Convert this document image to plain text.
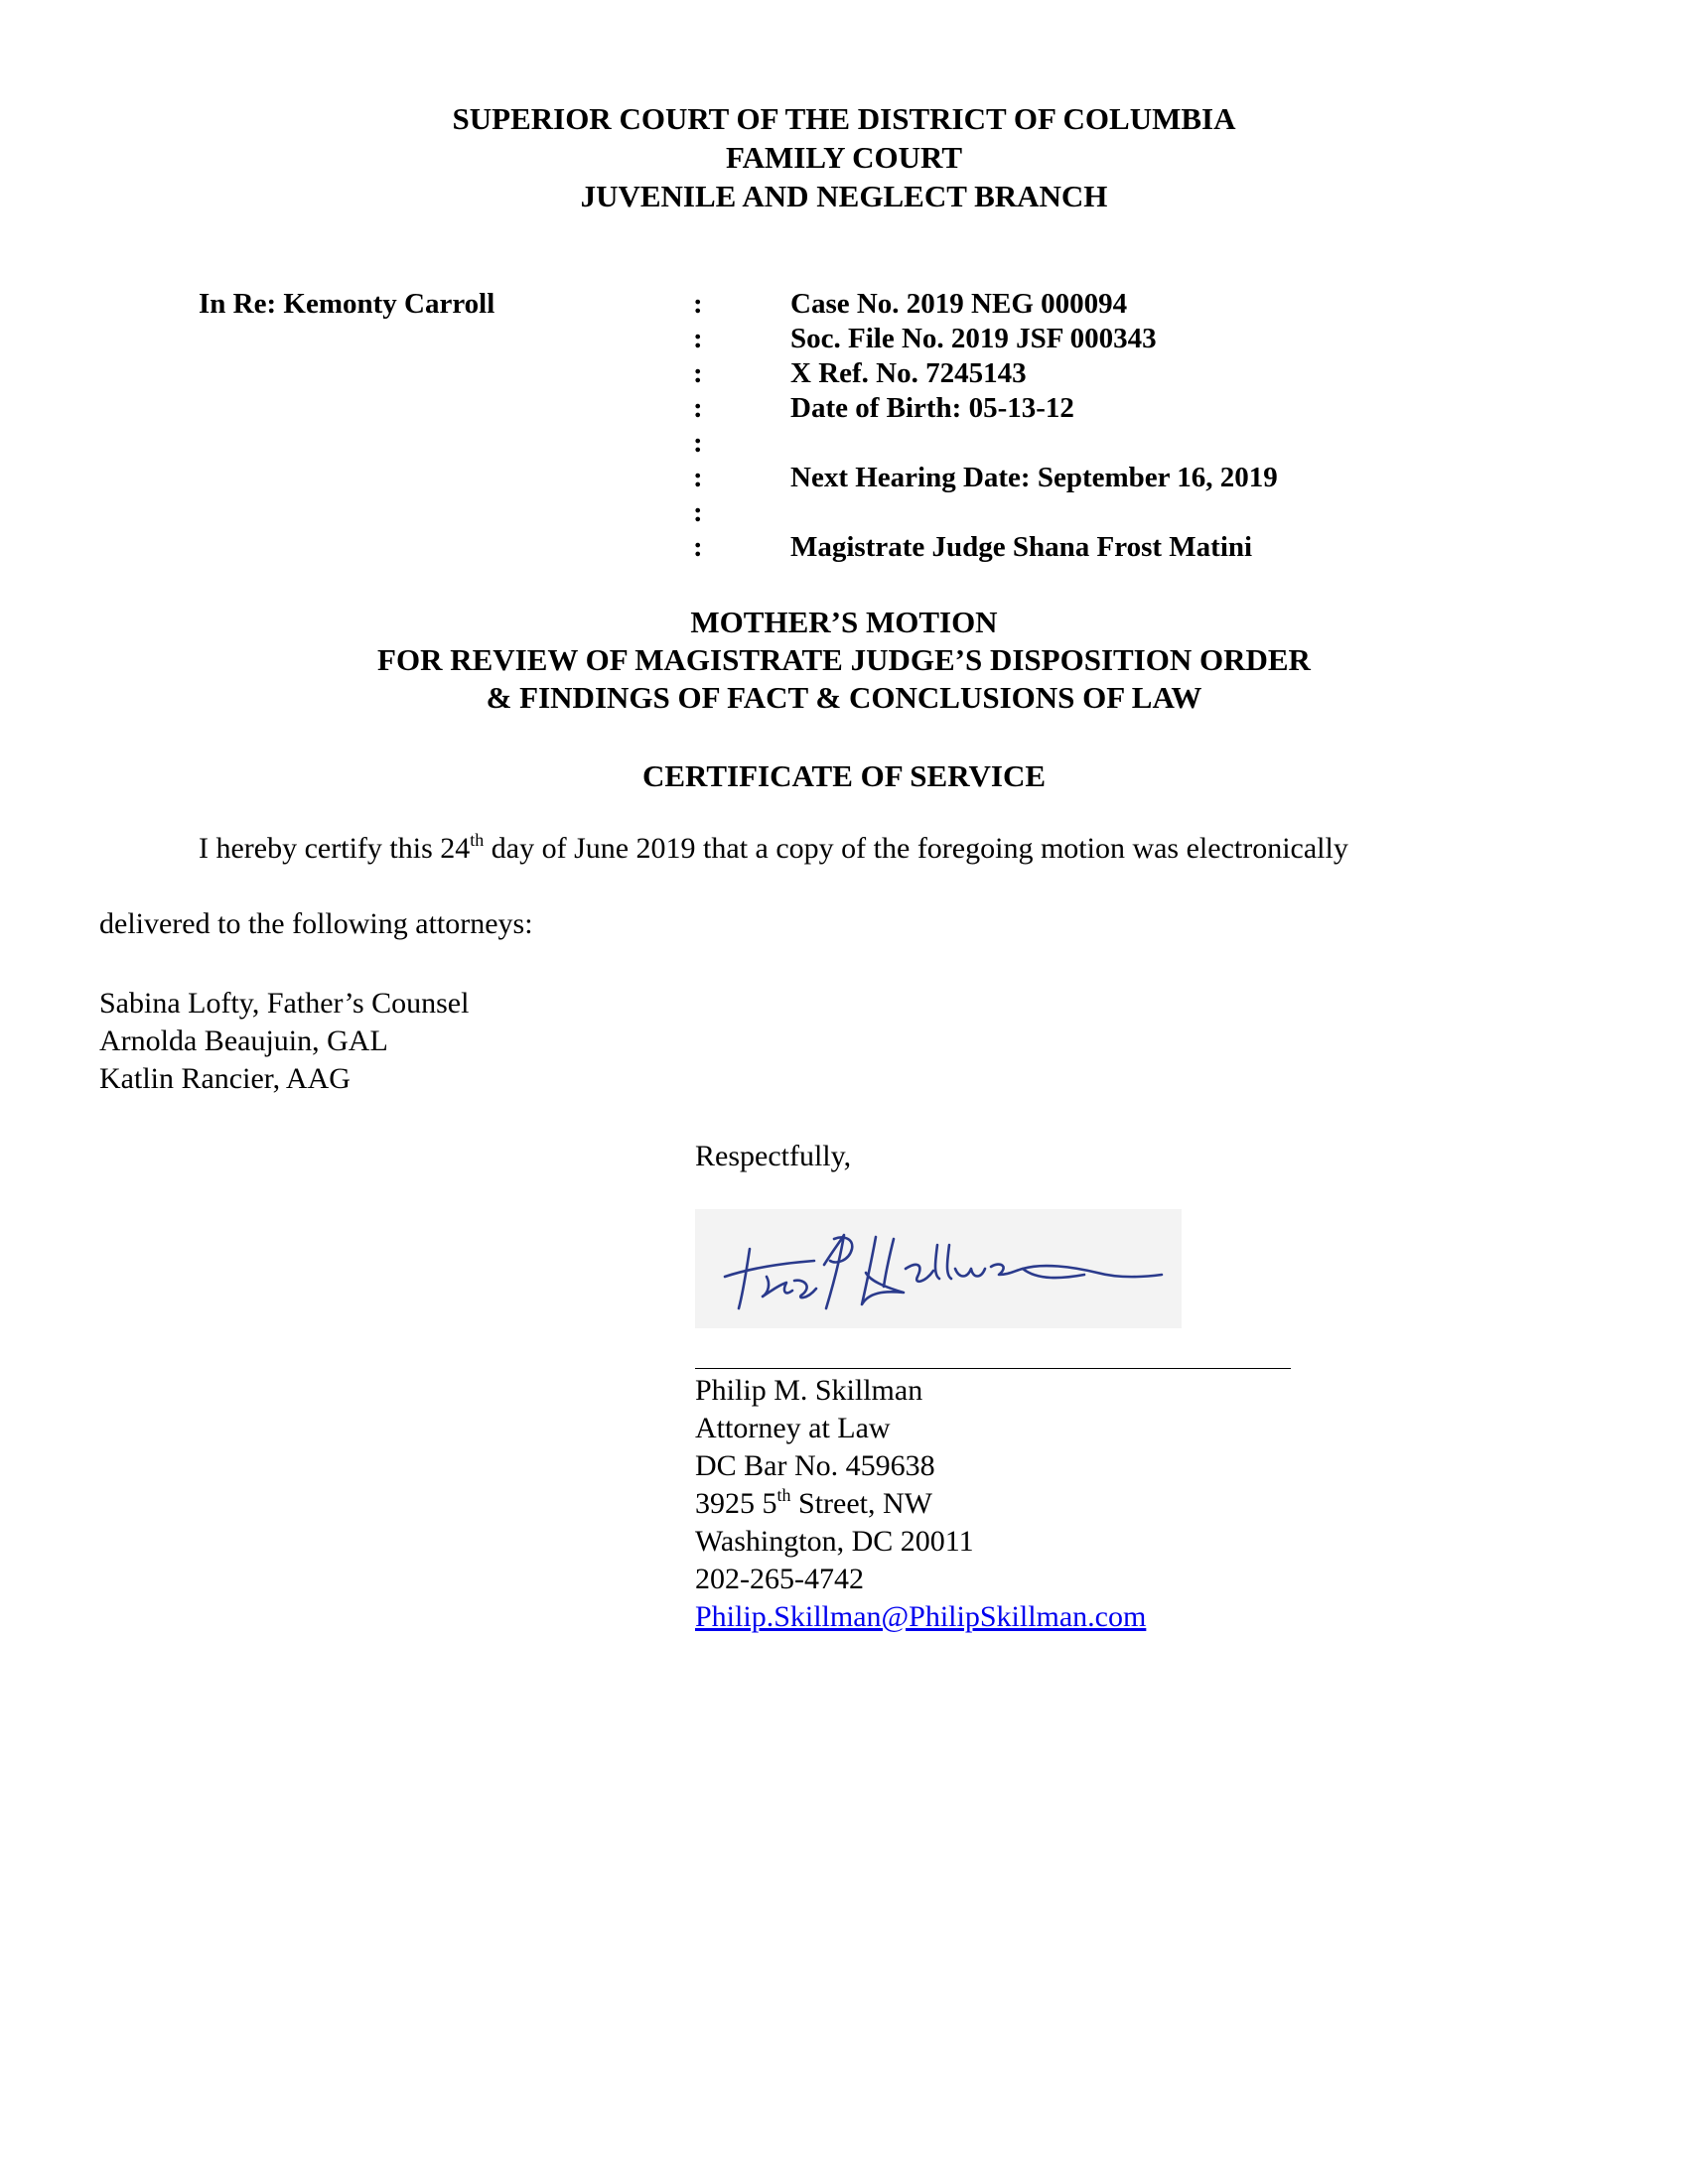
SUPERIOR COURT OF THE DISTRICT OF COLUMBIA
FAMILY COURT
JUVENILE AND NEGLECT BRANCH
In Re: Kemonty Carroll	:	Case No. 2019 NEG 000094
:	Soc. File No. 2019 JSF 000343
:	X Ref. No. 7245143
:	Date of Birth: 05-13-12
:
:	Next Hearing Date: September 16, 2019
:
:	Magistrate Judge Shana Frost Matini
MOTHER’S MOTION
FOR REVIEW OF MAGISTRATE JUDGE’S DISPOSITION ORDER
& FINDINGS OF FACT & CONCLUSIONS OF LAW
CERTIFICATE OF SERVICE
I hereby certify this 24th day of June 2019 that a copy of the foregoing motion was electronically
delivered to the following attorneys:
Sabina Lofty, Father’s Counsel
Arnolda Beaujuin, GAL
Katlin Rancier, AAG
Respectfully,
Philip M. Skillman
Attorney at Law
DC Bar No. 459638
3925 5th Street, NW
Washington, DC 20011
202-265-4742
Philip.Skillman@PhilipSkillman.com
